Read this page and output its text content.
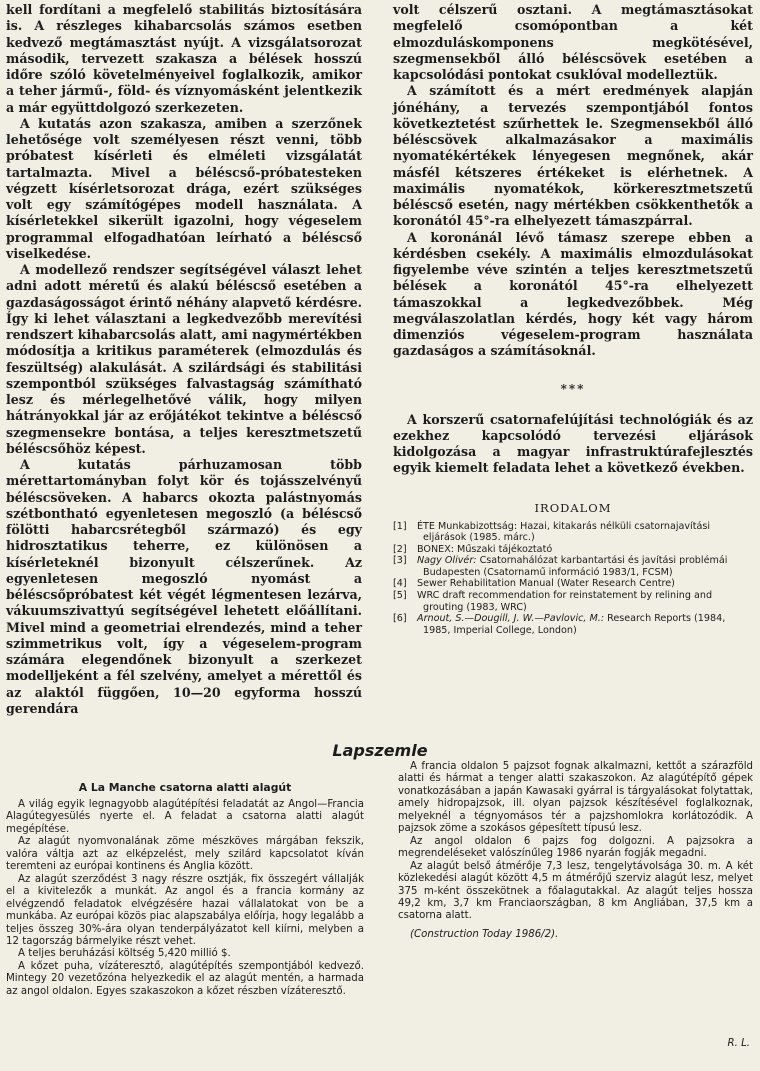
kell fordítani a megfelelő stabilitás biztosítására is. A részleges kihabarcsolás számos esetben kedvező megtámasztást nyújt. A vizsgálatsorozat második, tervezett szakasza a bélések hosszú időre szóló követelményeivel foglalkozik, amikor a teher jármű-, föld- és víznyomásként jelentkezik a már együttdolgozó szerkezeten.

A kutatás azon szakasza, amiben a szerzőnek lehetősége volt személyesen részt venni, több próbatest kísérleti és elméleti vizsgálatát tartalmazta. Mivel a béléscső-próbatesteken végzett kísérletsorozat drága, ezért szükséges volt egy számítógépes modell használata. A kísérletekkel sikerült igazolni, hogy végeselem programmal elfogadhatóan leírható a béléscső viselkedése.

A modellező rendszer segítségével választ lehet adni adott méretű és alakú béléscső esetében a gazdaságosságot érintő néhány alapvető kérdésre. Így ki lehet választani a legkedvezőbb merevítési rendszert kihabarcsolás alatt, ami nagymértékben módosítja a kritikus paraméterek (elmozdulás és feszültség) alakulását. A szilárdsági és stabilitási szempontból szükséges falvastagság számítható lesz és mérlegelhetővé válik, hogy milyen hátrányokkal jár az erőjátékot tekintve a béléscső szegmensekre bontása, a teljes keresztmetszetű béléscsőhöz képest.

A kutatás párhuzamosan több mérettartományban folyt kör és tojásszelvényű béléscsöveken. A habarcs okozta palástnyomás szétbontható egyenletesen megoszló (a béléscső fölötti habarcsrétegből származó) és egy hidrosztatikus teherre, ez különösen a kísérleteknél bizonyult célszerűnek. Az egyenletesen megoszló nyomást a béléscsőpróbatest két végét légmentesen lezárva, vákuumszivattyú segítségével lehetett előállítani. Mivel mind a geometriai elrendezés, mind a teher szimmetrikus volt, így a végeselem-program számára elegendőnek bizonyult a szerkezet modelljeként a fél szelvény, amelyet a mérettől és az alaktól függően, 10—20 egyforma hosszú gerendára

volt célszerű osztani. A megtámasztásokat megfelelő csomópontban a két elmozduláskomponens megkötésével, szegmensekből álló béléscsövek esetében a kapcsolódási pontokat csuklóval modelleztük.

A számított és a mért eredmények alapján jónéhány, a tervezés szempontjából fontos következtetést szűrhettek le. Szegmensekből álló béléscsövek alkalmazásakor a maximális nyomatékértékek lényegesen megnőnek, akár másfél kétszeres értékeket is elérhetnek. A maximális nyomatékok, körkeresztmetszetű béléscső esetén, nagy mértékben csökkenthetők a koronától 45°-ra elhelyezett támaszpárral.

A koronánál lévő támasz szerepe ebben a kérdésben csekély. A maximális elmozdulásokat figyelembe véve szintén a teljes keresztmetszetű bélések a koronától 45°-ra elhelyezett támaszokkal a legkedvezőbbek. Még megválaszolatlan kérdés, hogy két vagy három dimenziós végeselem-program használata gazdaságos a számításoknál.

***

A korszerű csatornafelújítási technológiák és az ezekhez kapcsolódó tervezési eljárások kidolgozása a magyar infrastruktúrafejlesztés egyik kiemelt feladata lehet a következő években.

IRODALOM
[1] ÉTE Munkabizottság: Hazai, kitakarás nélküli csatornajavítási eljárások (1985. márc.)
[2] BONEX: Műszaki tájékoztató
[3] Nagy Olivér: Csatornahálózat karbantartási és javítási problémái Budapesten (Csatornamű információ 1983/1, FCSM)
[4] Sewer Rehabilitation Manual (Water Research Centre)
[5] WRC draft recommendation for reinstatement by relining and grouting (1983, WRC)
[6] Arnout, S.—Dougill, J. W.—Pavlovic, M.: Research Reports (1984, 1985, Imperial College, London)
Lapszemle
A La Manche csatorna alatti alagút

A világ egyik legnagyobb alagútépítési feladatát az Angol—Francia Alagútegyesülés nyerte el. A feladat a csatorna alatti alagút megépítése.

Az alagút nyomvonalának zöme mészköves márgában fekszik, valóra váltja azt az elképzelést, mely szilárd kapcsolatot kíván teremteni az európai kontinens és Anglia között.

Az alagút szerződést 3 nagy részre osztják, fix összegért vállalják el a kivitelezők a munkát. Az angol és a francia kormány az elvégzendő feladatok elvégzésére hazai vállalatokat von be a munkába. Az európai közös piac alapszabálya előírja, hogy legalább a teljes összeg 30%-ára olyan tenderpályázatot kell kiírni, melyben a 12 tagország bármelyike részt vehet.

A teljes beruházási költség 5,420 millió $.

A kőzet puha, vízáteresztő, alagútépítés szempontjából kedvező. Mintegy 20 vezetőzóna helyezkedik el az alagút mentén, a harmada az angol oldalon. Egyes szakaszokon a kőzet részben vízáteresztő.

A francia oldalon 5 pajzsot fognak alkalmazni, kettőt a szárazföld alatti és hármat a tenger alatti szakaszokon. Az alagútépítő gépek vonatkozásában a japán Kawasaki gyárral is tárgyalásokat folytattak, amely hidropajzsok, ill. olyan pajzsok készítésével foglalkoznak, melyeknél a tégnyomásos tér a pajzshomlokra korlátozódik. A pajzsok zöme a szokásos gépesített típusú lesz.

Az angol oldalon 6 pajzs fog dolgozni. A pajzsokra a megrendeléseket valószínűleg 1986 nyarán fogják megadni.

Az alagút belső átmérője 7,3 lesz, tengelytávolsága 30. m. A két közlekedési alagút között 4,5 m átmérőjű szerviz alagút lesz, melyet 375 m-ként összekötnek a főalagutakkal. Az alagút teljes hossza 49,2 km, 3,7 km Franciaországban, 8 km Angliában, 37,5 km a csatorna alatt.

(Construction Today 1986/2).

R. L.
